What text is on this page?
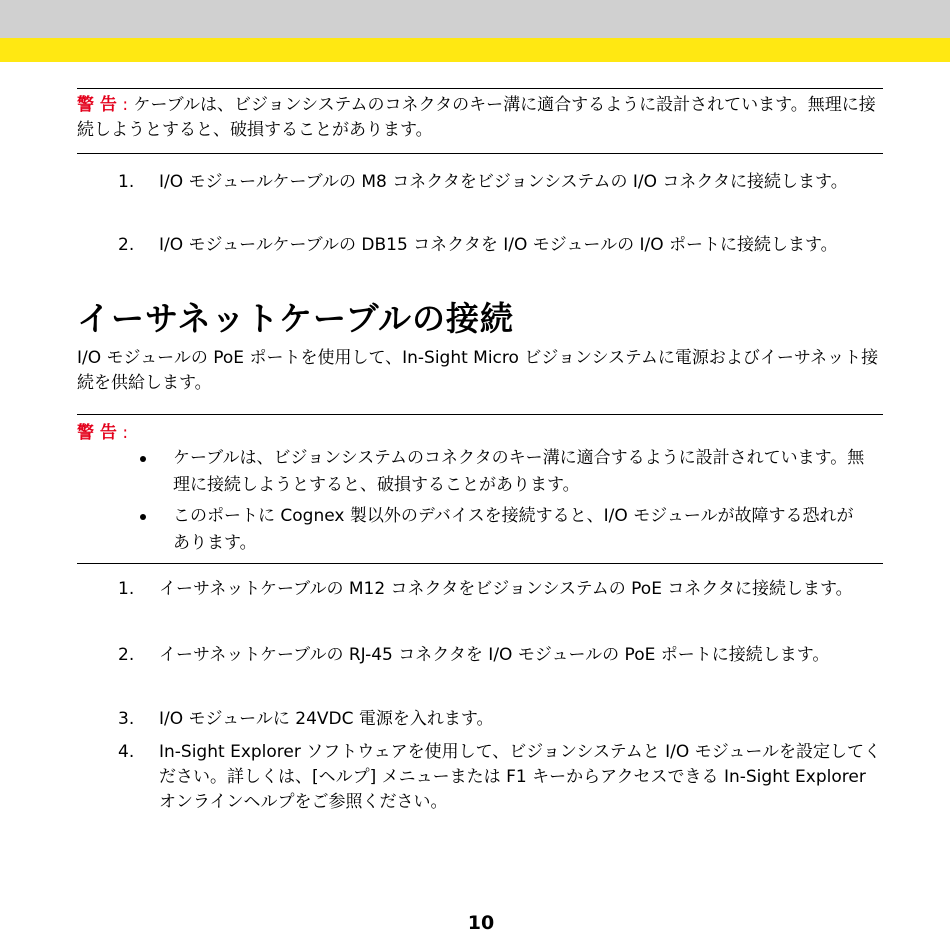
警 告 : ケーブルは、ビジョンシステムのコネクタのキー溝に適合するように設計されています。無理に接続しようとすると、破損することがあります。
1. I/O モジュールケーブルの M8 コネクタをビジョンシステムの I/O コネクタに接続します。
2. I/O モジュールケーブルの DB15 コネクタを I/O モジュールの I/O ポートに接続します。
イーサネットケーブルの接続
I/O モジュールの PoE ポートを使用して、In-Sight Micro ビジョンシステムに電源およびイーサネット接続を供給します。
警 告 :
ケーブルは、ビジョンシステムのコネクタのキー溝に適合するように設計されています。無理に接続しようとすると、破損することがあります。
このポートに Cognex 製以外のデバイスを接続すると、I/O モジュールが故障する恐れがあります。
1. イーサネットケーブルの M12 コネクタをビジョンシステムの PoE コネクタに接続します。
2. イーサネットケーブルの RJ-45 コネクタを I/O モジュールの PoE ポートに接続します。
3. I/O モジュールに 24VDC 電源を入れます。
4. In-Sight Explorer ソフトウェアを使用して、ビジョンシステムと I/O モジュールを設定してください。詳しくは、[ヘルプ] メニューまたは F1 キーからアクセスできる In-Sight Explorer オンラインヘルプをご参照ください。
10
